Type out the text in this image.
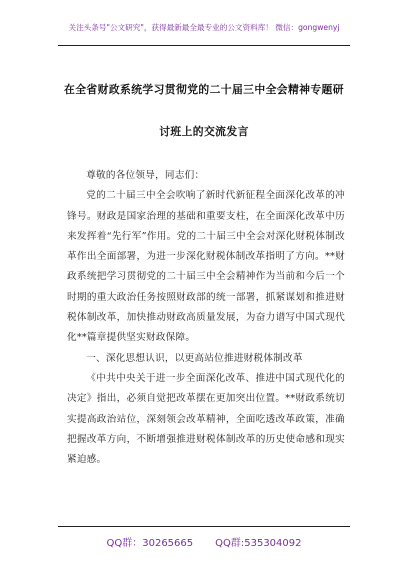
关注头条号"公文研究"，获得最新最全最专业的公文资料库！ 微信：gongwenyj
在全省财政系统学习贯彻党的二十届三中全会精神专题研
讨班上的交流发言

尊敬的各位领导，同志们：

党的二十届三中全会吹响了新时代新征程全面深化改革的冲锋号。财政是国家治理的基础和重要支柱，在全面深化改革中历来发挥着“先行军”作用。党的二十届三中全会对深化财税体制改革作出全面部署，为进一步深化财税体制改革指明了方向。**财政系统把学习贯彻党的二十届三中全会精神作为当前和今后一个时期的重大政治任务按照财政部的统一部署，抓紧谋划和推进财税体制改革，加快推动财政高质量发展，为奋力谱写中国式现代化**篇章提供坚实财政保障。

一、深化思想认识，以更高站位推进财税体制改革

《中共中央关于进一步全面深化改革、推进中国式现代化的决定》指出，必须自觉把改革摆在更加突出位置。**财政系统切实提高政治站位，深刻领会改革精神，全面吃透改革政策，准确把握改革方向，不断增强推进财税体制改革的历史使命感和现实紧迫感。

QQ群：30265665 QQ群:535304092
